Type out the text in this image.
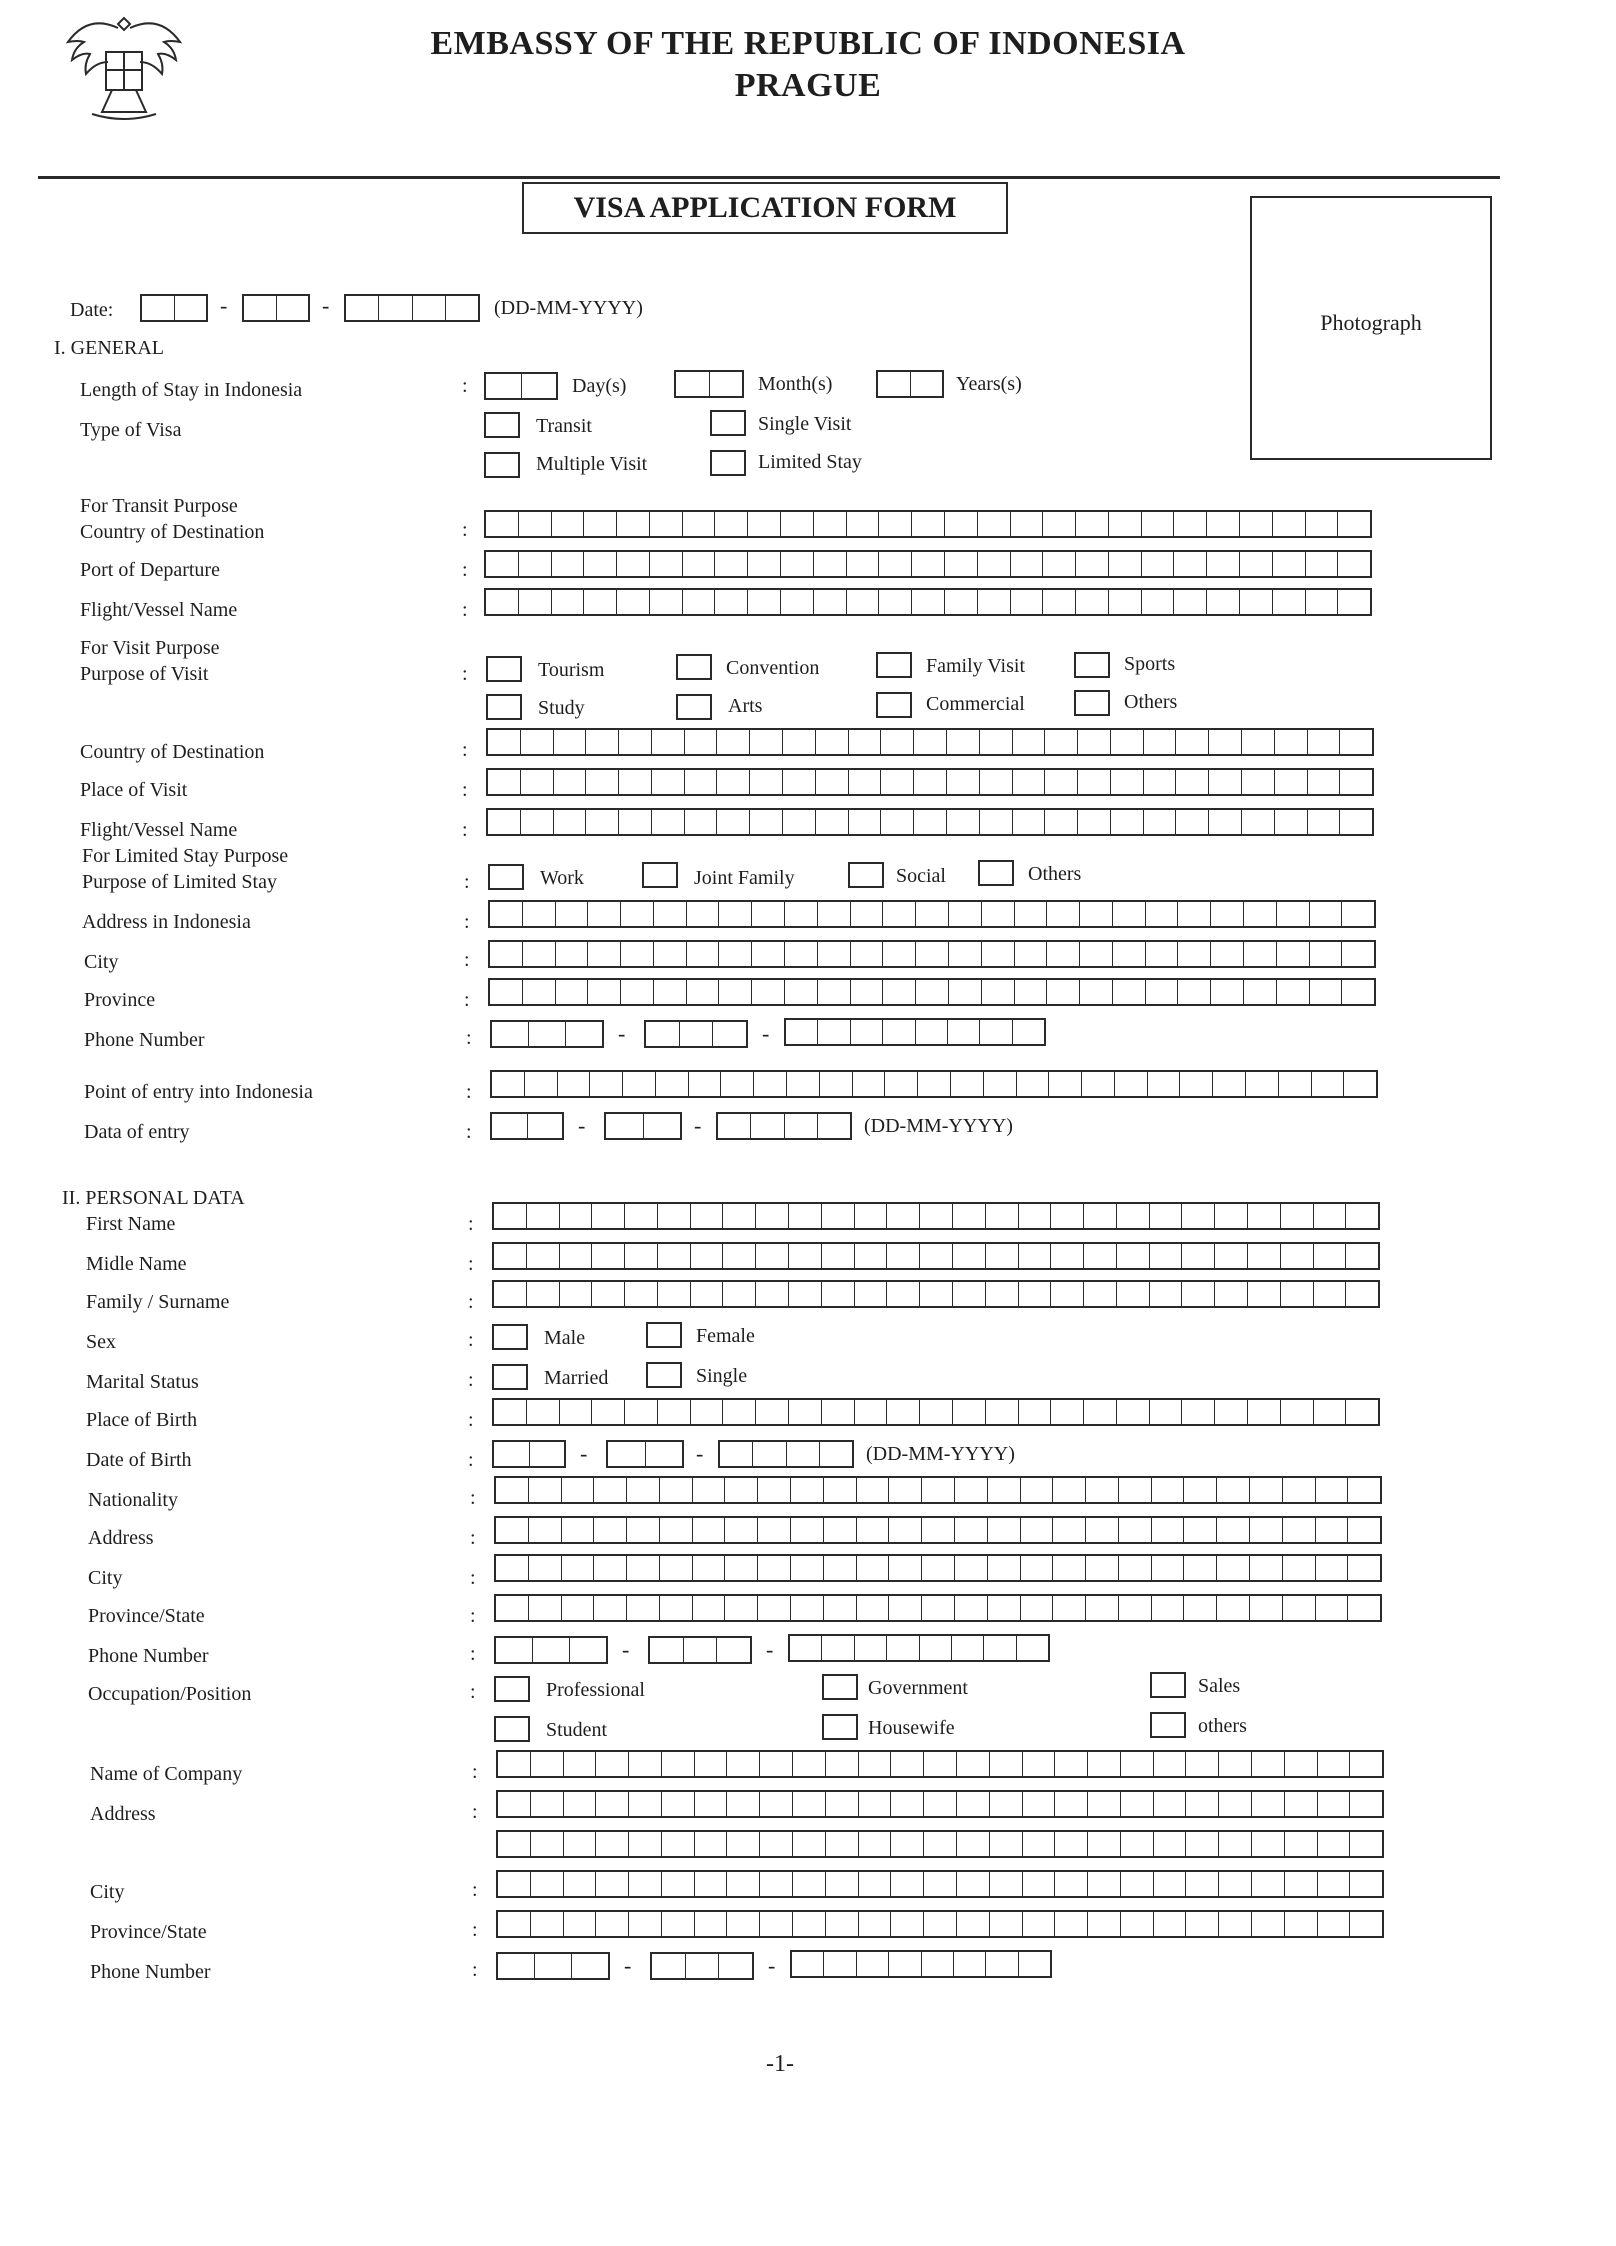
EMBASSY OF THE REPUBLIC OF INDONESIA
PRAGUE
VISA APPLICATION FORM
Photograph
Date:	-	-	(DD-MM-YYYY)
I. GENERAL
Length of Stay in Indonesia	:	Day(s)	Month(s)	Years(s)
Type of Visa	Transit	Single Visit
Multiple Visit	Limited Stay
For Transit Purpose
Country of Destination	:
Port of Departure	:
Flight/Vessel Name	:
For Visit Purpose
Purpose of Visit	:	Tourism	Convention	Family Visit	Sports
Study	Arts	Commercial	Others
Country of Destination	:
Place of Visit	:
Flight/Vessel Name	:
For Limited Stay Purpose
Purpose of Limited Stay	:	Work	Joint Family	Social	Others
Address in Indonesia	:
City	:
Province	:
Phone Number	:	-	-
Point of entry into Indonesia	:
Data of entry	:	-	-	(DD-MM-YYYY)
II. PERSONAL DATA
First Name	:
Midle Name	:
Family / Surname	:
Sex	:	Male	Female
Marital Status	:	Married	Single
Place of Birth	:
Date of Birth	:	-	-	(DD-MM-YYYY)
Nationality	:
Address	:
City	:
Province/State	:
Phone Number	:	-	-
Occupation/Position	:	Professional	Government	Sales
Student	Housewife	others
Name of Company	:
Address	:
City	:
Province/State	:
Phone Number	:	-	-
-1-
